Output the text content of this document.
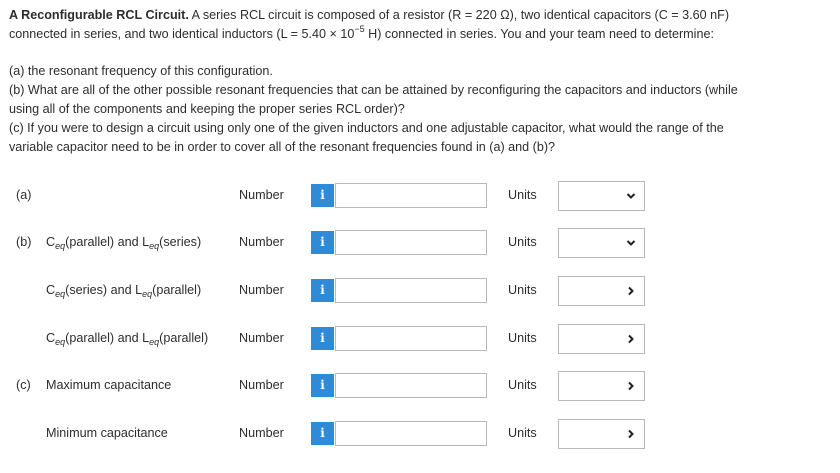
A Reconfigurable RCL Circuit. A series RCL circuit is composed of a resistor (R = 220 Ω), two identical capacitors (C = 3.60 nF)

connected in series, and two identical inductors ($L = 5.40 \times 10^{-5}$ H) connected in series. You and your team need to determine:

(a) the resonant frequency of this configuration.

(b) What are all of the other possible resonant frequencies that can be attained by reconfiguring the capacitors and inductors (while

using all of the components and keeping the proper series RCL order)?

(c) If you were to design a circuit using only one of the given inductors and one adjustable capacitor, what would the range of the

variable capacitor need to be in order to cover all of the resonant frequencies found in (a) and (b)?

(a)	Number	i	Units
(b) $C_{eq}(parallel)$ and $L_{eq}(series)$	Number	i	Units
$C_{eq}(series)$ and $L_{eq}(parallel)$	Number	i	Units
$C_{eq}(parallel)$ and $L_{eq}(parallel)$ Number	i	Units
(c) Maximum capacitance	Number	i	Units
Minimum capacitance	Number	i	Units
